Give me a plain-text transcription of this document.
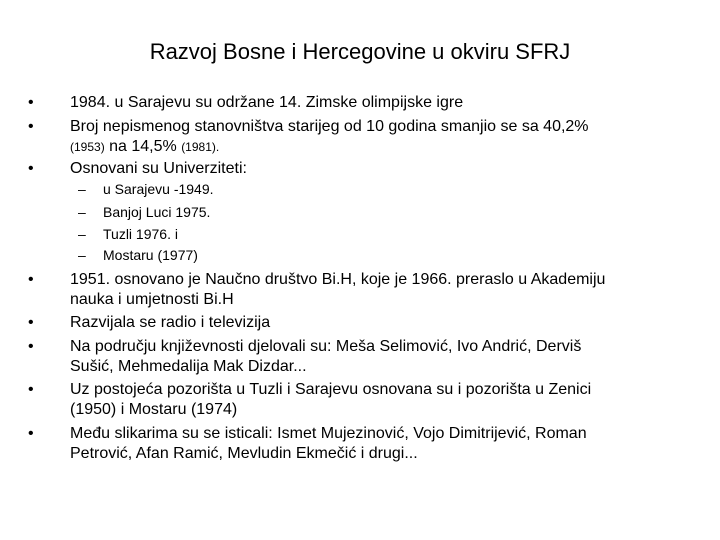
Razvoj Bosne i Hercegovine u okviru SFRJ
• 1984. u Sarajevu su održane 14. Zimske olimpijske igre
• Broj nepismenog stanovništva starijeg od 10 godina smanjio se sa 40,2%
(1953) na 14,5% (1981).
• Osnovani su Univerziteti:
– u Sarajevu -1949.
– Banjoj Luci 1975.
– Tuzli 1976. i
– Mostaru (1977)
• 1951. osnovano je Naučno društvo Bi.H, koje je 1966. preraslo u Akademiju
nauka i umjetnosti Bi.H
• Razvijala se radio i televizija
• Na području književnosti djelovali su: Meša Selimović, Ivo Andrić, Derviš
Sušić, Mehmedalija Mak Dizdar...
• Uz postojeća pozorišta u Tuzli i Sarajevu osnovana su i pozorišta u Zenici
(1950) i Mostaru (1974)
• Među slikarima su se isticali: Ismet Mujezinović, Vojo Dimitrijević, Roman
Petrović, Afan Ramić, Mevludin Ekmečić i drugi...
